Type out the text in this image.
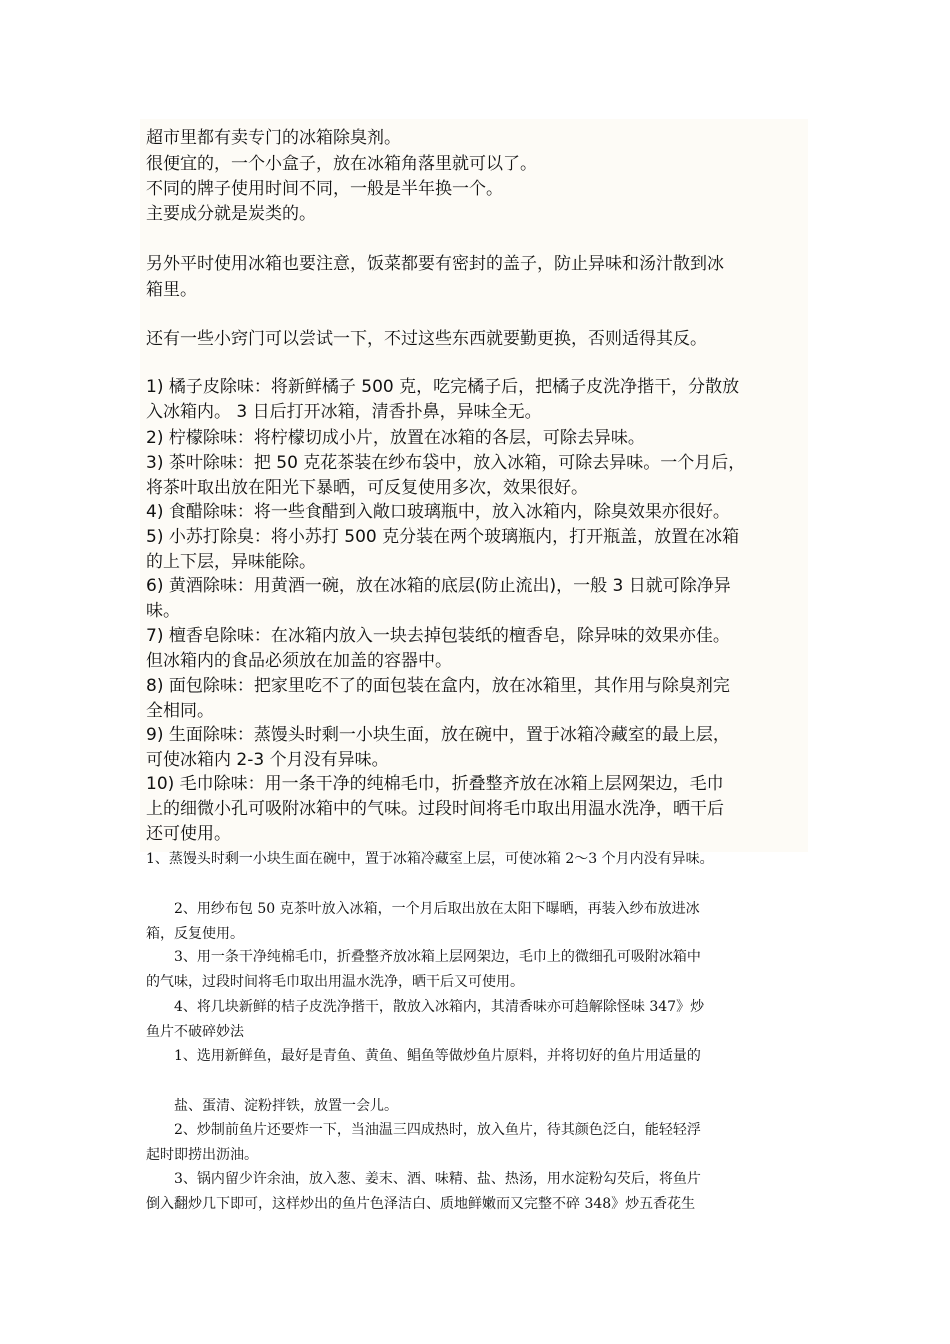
超市里都有卖专门的冰箱除臭剂。
很便宜的，一个小盒子，放在冰箱角落里就可以了。
不同的牌子使用时间不同，一般是半年换一个。
主要成分就是炭类的。
另外平时使用冰箱也要注意，饭菜都要有密封的盖子，防止异味和汤汁散到冰
箱里。
还有一些小窍门可以尝试一下，不过这些东西就要勤更换，否则适得其反。
1) 橘子皮除味：将新鲜橘子 500 克，吃完橘子后，把橘子皮洗净揩干，分散放
入冰箱内。 3 日后打开冰箱，清香扑鼻，异味全无。
2) 柠檬除味：将柠檬切成小片，放置在冰箱的各层，可除去异味。
3) 茶叶除味：把 50 克花茶装在纱布袋中，放入冰箱，可除去异味。一个月后，
将茶叶取出放在阳光下暴晒，可反复使用多次，效果很好。
4) 食醋除味：将一些食醋到入敞口玻璃瓶中，放入冰箱内，除臭效果亦很好。
5) 小苏打除臭：将小苏打 500 克分装在两个玻璃瓶内，打开瓶盖，放置在冰箱
的上下层，异味能除。
6) 黄酒除味：用黄酒一碗，放在冰箱的底层(防止流出)，一般 3 日就可除净异
味。
7) 檀香皂除味：在冰箱内放入一块去掉包装纸的檀香皂，除异味的效果亦佳。
但冰箱内的食品必须放在加盖的容器中。
8) 面包除味：把家里吃不了的面包装在盒内，放在冰箱里，其作用与除臭剂完
全相同。
9) 生面除味：蒸馒头时剩一小块生面，放在碗中，置于冰箱冷藏室的最上层，
可使冰箱内 2-3 个月没有异味。
10) 毛巾除味：用一条干净的纯棉毛巾，折叠整齐放在冰箱上层网架边，毛巾
上的细微小孔可吸附冰箱中的气味。过段时间将毛巾取出用温水洗净，晒干后
还可使用。
1、蒸馒头时剩一小块生面在碗中，置于冰箱冷藏室上层，可使冰箱 2～3 个月内没有异味。
2、用纱布包 50 克茶叶放入冰箱，一个月后取出放在太阳下曝晒，再装入纱布放进冰
箱，反复使用。
3、用一条干净纯棉毛巾，折叠整齐放冰箱上层网架边，毛巾上的微细孔可吸附冰箱中
的气味，过段时间将毛巾取出用温水洗净，晒干后又可使用。
4、将几块新鲜的桔子皮洗净揩干，散放入冰箱内，其清香味亦可趋解除怪味 347》炒
鱼片不破碎妙法
1、选用新鲜鱼，最好是青鱼、黄鱼、鲳鱼等做炒鱼片原料，并将切好的鱼片用适量的
盐、蛋清、淀粉拌铁，放置一会儿。
2、炒制前鱼片还要炸一下，当油温三四成热时，放入鱼片，待其颜色泛白，能轻轻浮
起时即捞出沥油。
3、锅内留少许余油，放入葱、姜末、酒、味精、盐、热汤，用水淀粉勾芡后，将鱼片
倒入翻炒几下即可，这样炒出的鱼片色泽洁白、质地鲜嫩而又完整不碎 348》炒五香花生
